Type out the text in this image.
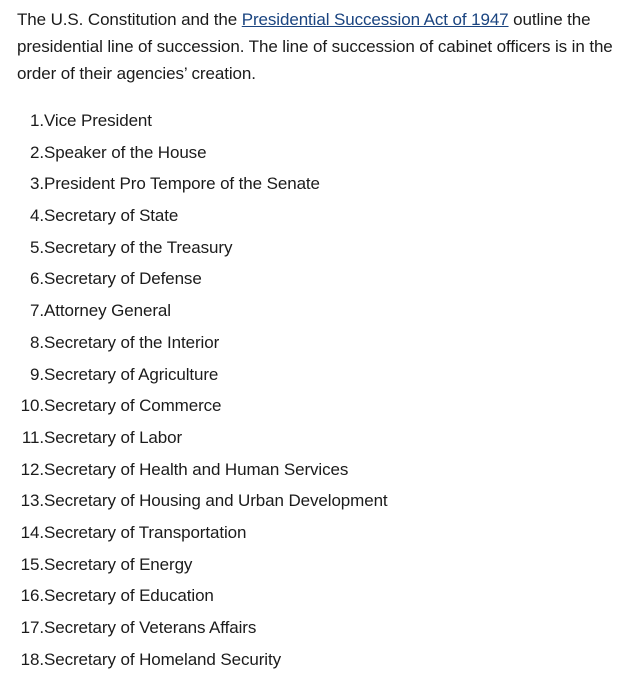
The U.S. Constitution and the Presidential Succession Act of 1947 outline the presidential line of succession. The line of succession of cabinet officers is in the order of their agencies’ creation.

1. Vice President
2. Speaker of the House
3. President Pro Tempore of the Senate
4. Secretary of State
5. Secretary of the Treasury
6. Secretary of Defense
7. Attorney General
8. Secretary of the Interior
9. Secretary of Agriculture
10. Secretary of Commerce
11. Secretary of Labor
12. Secretary of Health and Human Services
13. Secretary of Housing and Urban Development
14. Secretary of Transportation
15. Secretary of Energy
16. Secretary of Education
17. Secretary of Veterans Affairs
18. Secretary of Homeland Security
